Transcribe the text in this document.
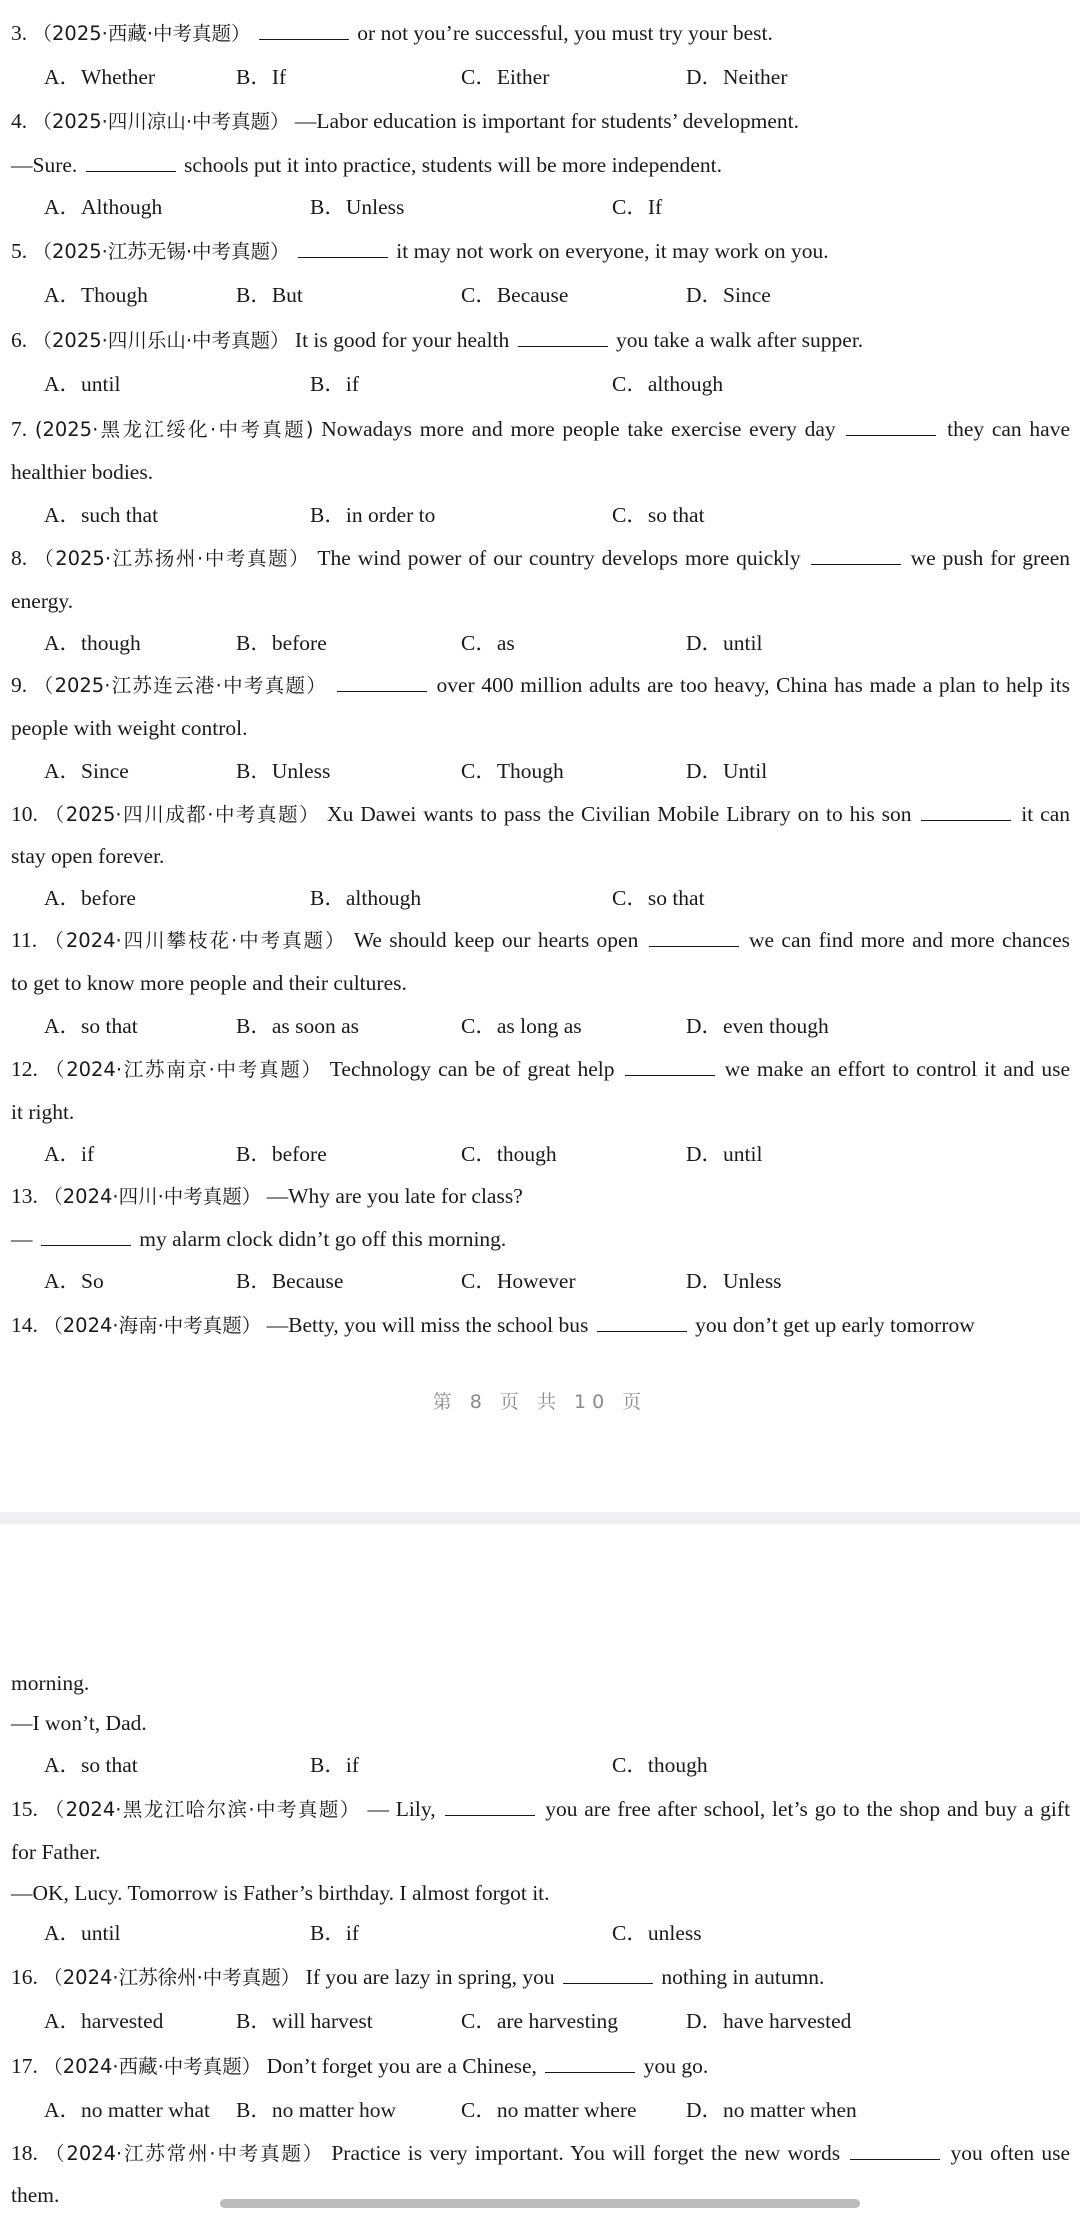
3. （2025·西藏·中考真题）	or not you’re successful, you must try your best.
A．Whether	B．If	C．Either	D．Neither
4. （2025·四川凉山·中考真题） —Labor education is important for students’ development.
—Sure.	schools put it into practice, students will be more independent.
A．Although	B．Unless	C．If
5. （2025·江苏无锡·中考真题）	it may not work on everyone, it may work on you.
A．Though	B．But	C．Because	D．Since
6. （2025·四川乐山·中考真题） It is good for your health	you take a walk after supper.
A．until	B．if	C．although
7. (2025·黑龙江绥化·中考真题) Nowadays more and more people take exercise every day	they can have
healthier bodies.
A．such that	B．in order to	C．so that
8. （2025·江苏扬州·中考真题） The wind power of our country develops more quickly	we push for green
energy.
A．though	B．before	C．as	D．until
9. （2025·江苏连云港·中考真题）	over 400 million adults are too heavy, China has made a plan to help its
people with weight control.
A．Since	B．Unless	C．Though	D．Until
10. （2025·四川成都·中考真题） Xu Dawei wants to pass the Civilian Mobile Library on to his son	it can
stay open forever.
A．before	B．although	C．so that
11. （2024·四川攀枝花·中考真题） We should keep our hearts open	we can find more and more chances
to get to know more people and their cultures.
A．so that	B．as soon as	C．as long as	D．even though
12. （2024·江苏南京·中考真题） Technology can be of great help	we make an effort to control it and use
it right.
A．if	B．before	C．though	D．until
13. （2024·四川·中考真题） —Why are you late for class?
—	my alarm clock didn’t go off this morning.
A．So	B．Because	C．However	D．Unless
14. （2024·海南·中考真题） —Betty, you will miss the school bus	you don’t get up early tomorrow
morning.
—I won’t, Dad.
A．so that	B．if	C．though
15. （2024·黑龙江哈尔滨·中考真题） — Lily,	you are free after school, let’s go to the shop and buy a gift
for Father.
—OK, Lucy. Tomorrow is Father’s birthday. I almost forgot it.
A．until	B．if	C．unless
16. （2024·江苏徐州·中考真题） If you are lazy in spring, you	nothing in autumn.
A．harvested	B．will harvest	C．are harvesting	D．have harvested
17. （2024·西藏·中考真题） Don’t forget you are a Chinese,	you go.
A．no matter what B．no matter how	C．no matter where D．no matter when
18. （2024·江苏常州·中考真题） Practice is very important. You will forget the new words	you often use
them.
第 8 页 共 10 页
